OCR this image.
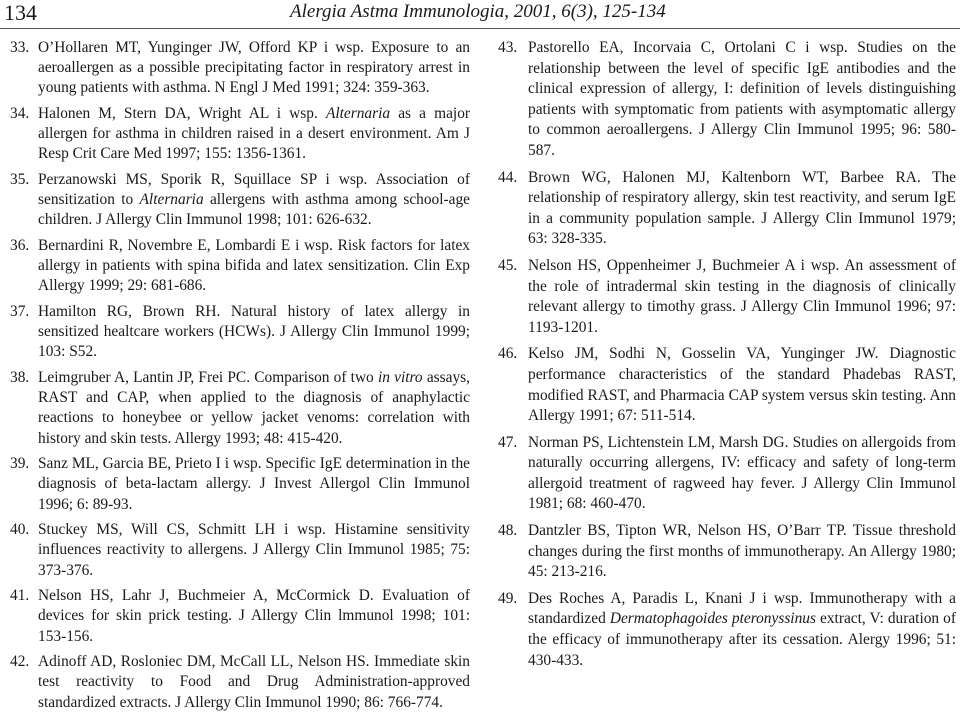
134	Alergia Astma Immunologia, 2001, 6(3), 125-134
33. O’Hollaren MT, Yunginger JW, Offord KP i wsp. Exposure to an aeroallergen as a possible precipitating factor in respiratory arrest in young patients with asthma. N Engl J Med 1991; 324: 359-363.
34. Halonen M, Stern DA, Wright AL i wsp. Alternaria as a major allergen for asthma in children raised in a desert environment. Am J Resp Crit Care Med 1997; 155: 1356-1361.
35. Perzanowski MS, Sporik R, Squillace SP i wsp. Association of sensitization to Alternaria allergens with asthma among school-age children. J Allergy Clin Immunol 1998; 101: 626-632.
36. Bernardini R, Novembre E, Lombardi E i wsp. Risk factors for latex allergy in patients with spina bifida and latex sensitization. Clin Exp Allergy 1999; 29: 681-686.
37. Hamilton RG, Brown RH. Natural history of latex allergy in sensitized healtcare workers (HCWs). J Allergy Clin Immunol 1999; 103: S52.
38. Leimgruber A, Lantin JP, Frei PC. Comparison of two in vitro assays, RAST and CAP, when applied to the diagnosis of anaphylactic reactions to honeybee or yellow jacket venoms: correlation with history and skin tests. Allergy 1993; 48: 415-420.
39. Sanz ML, Garcia BE, Prieto I i wsp. Specific IgE determination in the diagnosis of beta-lactam allergy. J Invest Allergol Clin Immunol 1996; 6: 89-93.
40. Stuckey MS, Will CS, Schmitt LH i wsp. Histamine sensitivity influences reactivity to allergens. J Allergy Clin Immunol 1985; 75: 373-376.
41. Nelson HS, Lahr J, Buchmeier A, McCormick D. Evaluation of devices for skin prick testing. J Allergy Clin lmmunol 1998; 101: 153-156.
42. Adinoff AD, Rosloniec DM, McCall LL, Nelson HS. Immediate skin test reactivity to Food and Drug Administration-approved standardized extracts. J Allergy Clin Immunol 1990; 86: 766-774.
43. Pastorello EA, Incorvaia C, Ortolani C i wsp. Studies on the relationship between the level of specific IgE antibodies and the clinical expression of allergy, I: definition of levels distinguishing patients with symptomatic from patients with asymptomatic allergy to common aeroallergens. J Allergy Clin Immunol 1995; 96: 580-587.
44. Brown WG, Halonen MJ, Kaltenborn WT, Barbee RA. The relationship of respiratory allergy, skin test reactivity, and serum IgE in a community population sample. J Allergy Clin Immunol 1979; 63: 328-335.
45. Nelson HS, Oppenheimer J, Buchmeier A i wsp. An assessment of the role of intradermal skin testing in the diagnosis of clinically relevant allergy to timothy grass. J Allergy Clin Immunol 1996; 97: 1193-1201.
46. Kelso JM, Sodhi N, Gosselin VA, Yunginger JW. Diagnostic performance characteristics of the standard Phadebas RAST, modified RAST, and Pharmacia CAP system versus skin testing. Ann Allergy 1991; 67: 511-514.
47. Norman PS, Lichtenstein LM, Marsh DG. Studies on allergoids from naturally occurring allergens, IV: efficacy and safety of long-term allergoid treatment of ragweed hay fever. J Allergy Clin Immunol 1981; 68: 460-470.
48. Dantzler BS, Tipton WR, Nelson HS, O’Barr TP. Tissue threshold changes during the first months of immunotherapy. An Allergy 1980; 45: 213-216.
49. Des Roches A, Paradis L, Knani J i wsp. Immunotherapy with a standardized Dermatophagoides pteronyssinus extract, V: duration of the efficacy of immunotherapy after its cessation. Alergy 1996; 51: 430-433.
